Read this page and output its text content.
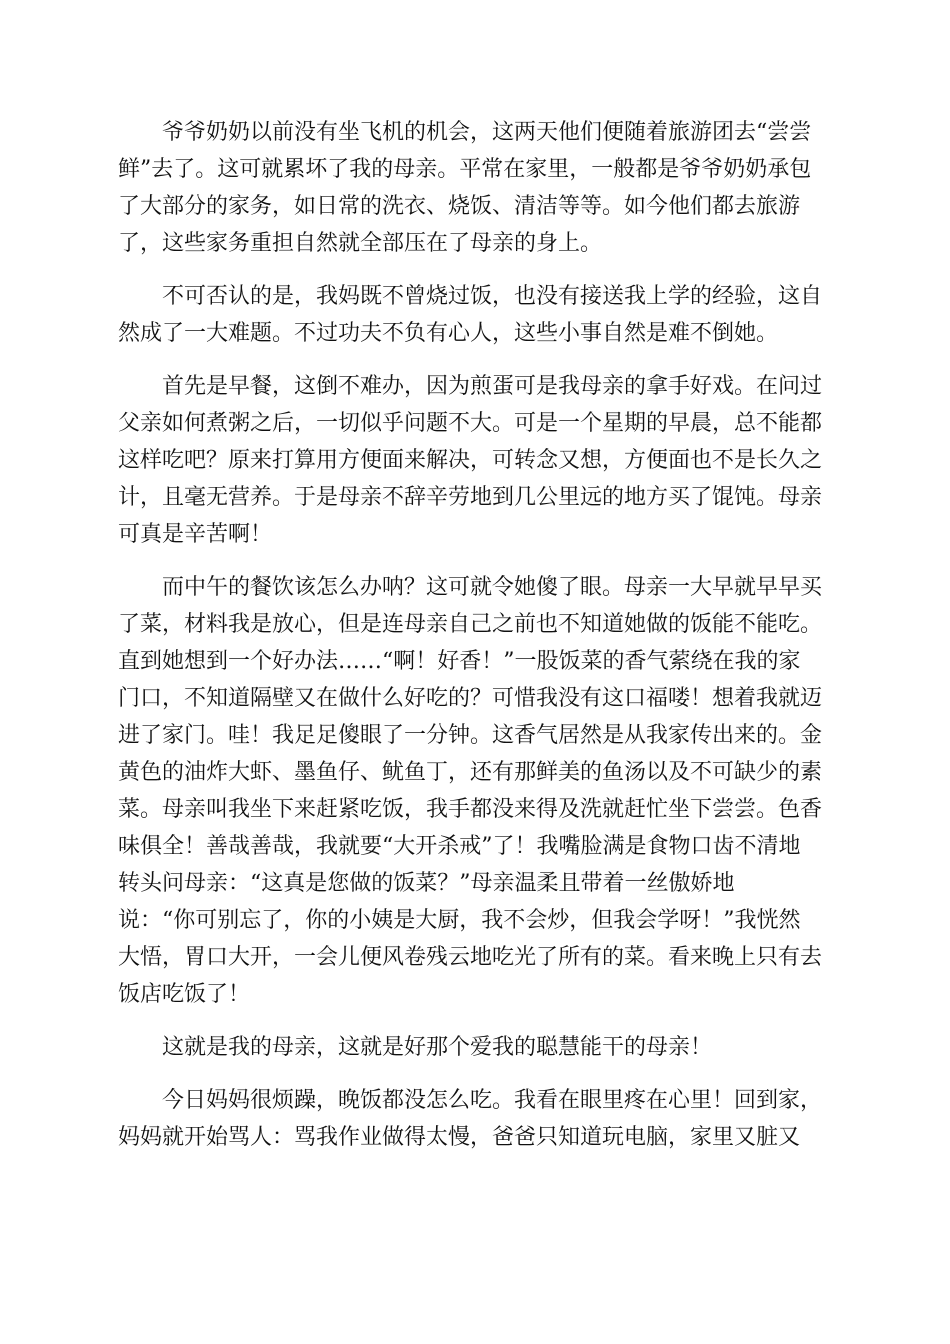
　　爷爷奶奶以前没有坐飞机的机会，这两天他们便随着旅游团去“尝尝
鲜”去了。这可就累坏了我的母亲。平常在家里，一般都是爷爷奶奶承包
了大部分的家务，如日常的洗衣、烧饭、清洁等等。如今他们都去旅游
了，这些家务重担自然就全部压在了母亲的身上。
　　不可否认的是，我妈既不曾烧过饭，也没有接送我上学的经验，这自
然成了一大难题。不过功夫不负有心人，这些小事自然是难不倒她。
　　首先是早餐，这倒不难办，因为煎蛋可是我母亲的拿手好戏。在问过
父亲如何煮粥之后，一切似乎问题不大。可是一个星期的早晨，总不能都
这样吃吧？原来打算用方便面来解决，可转念又想，方便面也不是长久之
计，且毫无营养。于是母亲不辞辛劳地到几公里远的地方买了馄饨。母亲
可真是辛苦啊！
　　而中午的餐饮该怎么办呐？这可就令她傻了眼。母亲一大早就早早买
了菜，材料我是放心，但是连母亲自己之前也不知道她做的饭能不能吃。
直到她想到一个好办法……“啊！好香！”一股饭菜的香气萦绕在我的家
门口，不知道隔壁又在做什么好吃的？可惜我没有这口福喽！想着我就迈
进了家门。哇！我足足傻眼了一分钟。这香气居然是从我家传出来的。金
黄色的油炸大虾、墨鱼仔、鱿鱼丁，还有那鲜美的鱼汤以及不可缺少的素
菜。母亲叫我坐下来赶紧吃饭，我手都没来得及洗就赶忙坐下尝尝。色香
味俱全！善哉善哉，我就要“大开杀戒”了！我嘴脸满是食物口齿不清地
转头问母亲：“这真是您做的饭菜？”母亲温柔且带着一丝傲娇地
说：“你可别忘了，你的小姨是大厨，我不会炒，但我会学呀！”我恍然
大悟，胃口大开，一会儿便风卷残云地吃光了所有的菜。看来晚上只有去
饭店吃饭了！
　　这就是我的母亲，这就是好那个爱我的聪慧能干的母亲！
　　今日妈妈很烦躁，晚饭都没怎么吃。我看在眼里疼在心里！回到家，
妈妈就开始骂人：骂我作业做得太慢，爸爸只知道玩电脑，家里又脏又
